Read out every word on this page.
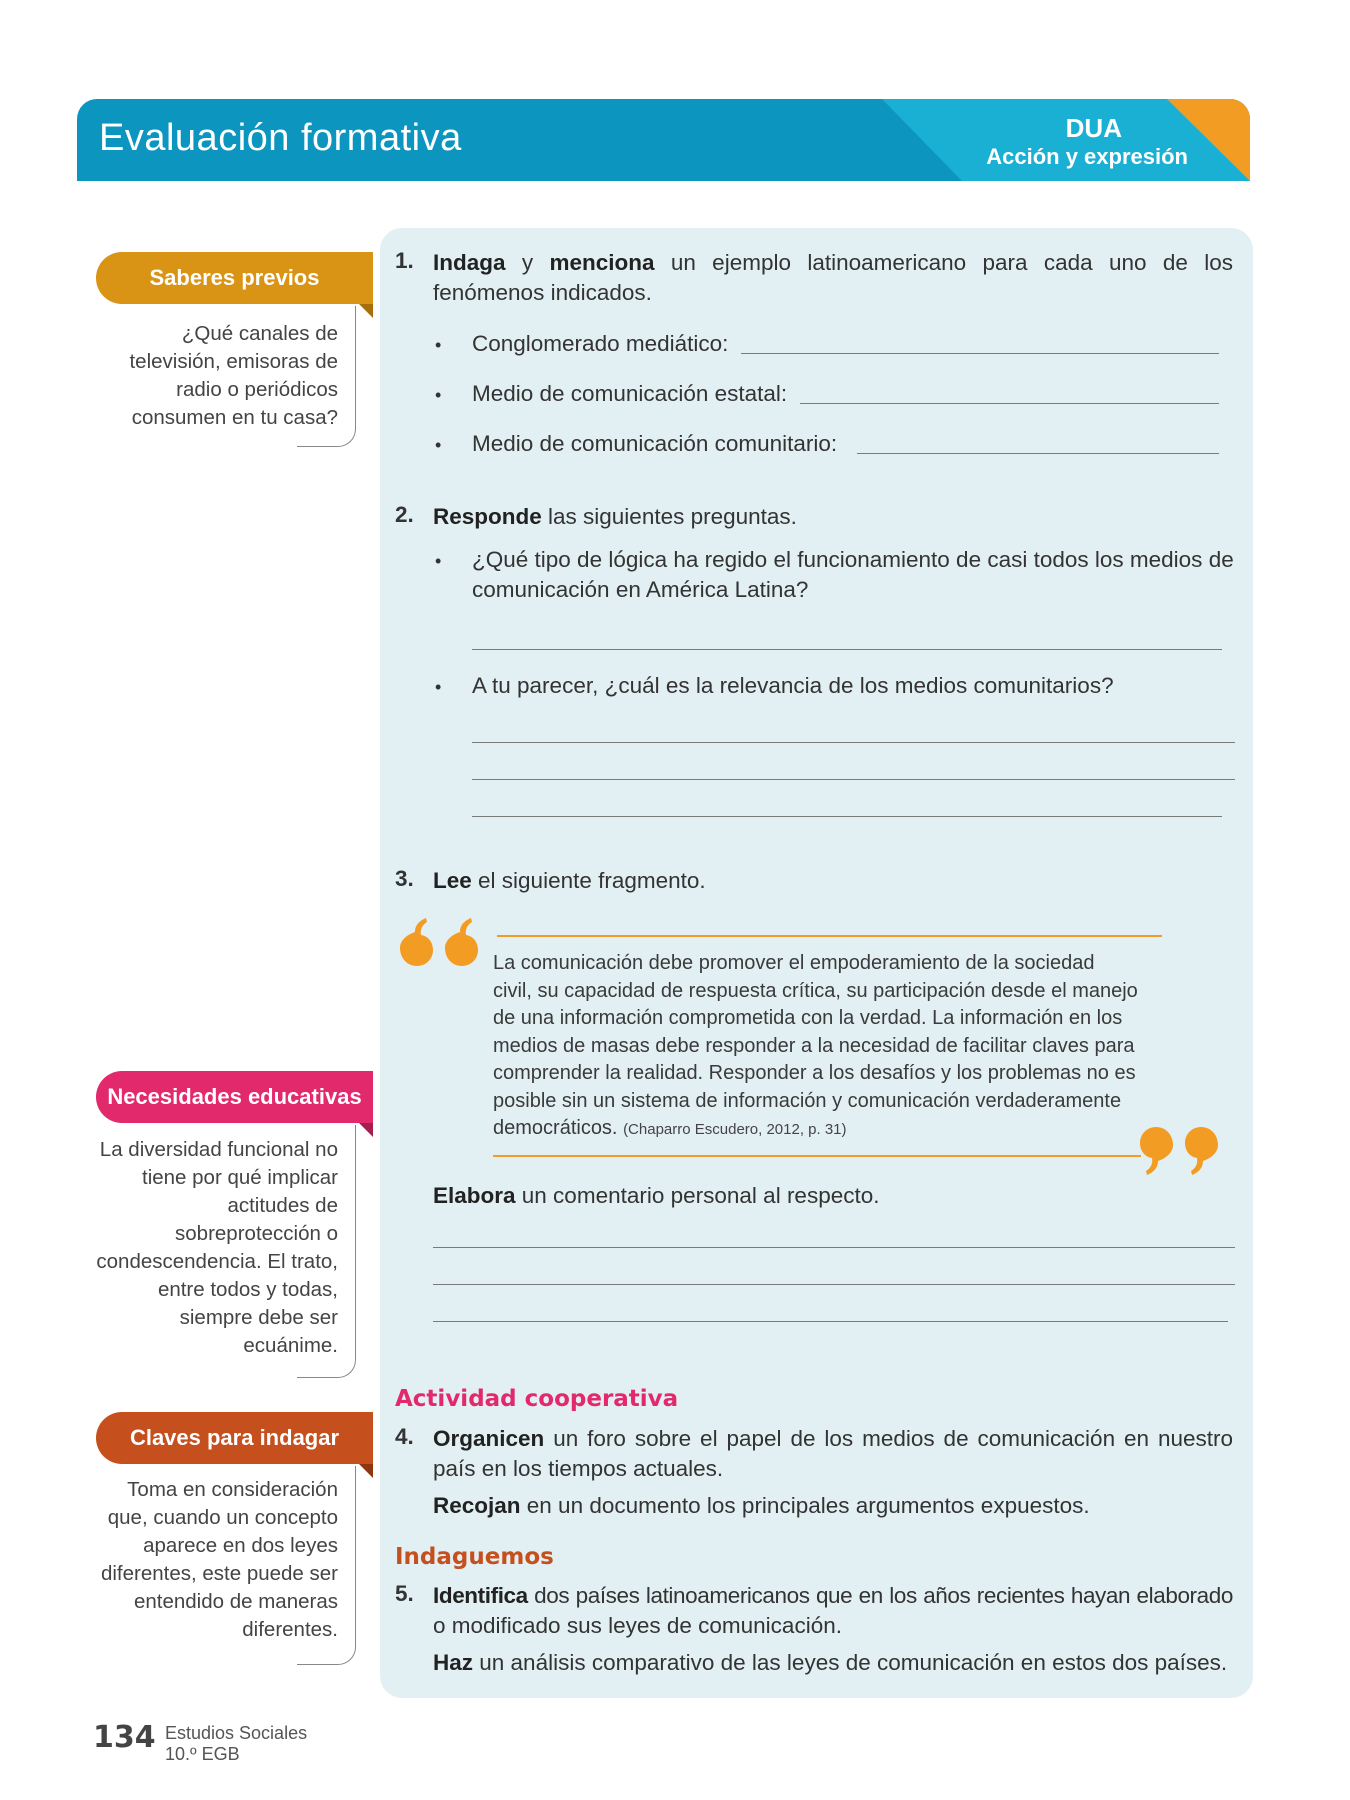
Evaluación formativa	DUA
Acción y expresión
Saberes previos
¿Qué canales de
televisión, emisoras de
radio o periódicos
consumen en tu casa?
Necesidades educativas
La diversidad funcional no
tiene por qué implicar
actitudes de
sobreprotección o
condescendencia. El trato,
entre todos y todas,
siempre debe ser
ecuánime.
Claves para indagar
Toma en consideración
que, cuando un concepto
aparece en dos leyes
diferentes, este puede ser
entendido de maneras
diferentes.
1. Indaga y menciona un ejemplo latinoamericano para cada uno de los
fenómenos indicados.
• Conglomerado mediático:
• Medio de comunicación estatal:
• Medio de comunicación comunitario:
2. Responde las siguientes preguntas.
• ¿Qué tipo de lógica ha regido el funcionamiento de casi todos los medios de
comunicación en América Latina?
• A tu parecer, ¿cuál es la relevancia de los medios comunitarios?
3. Lee el siguiente fragmento.
La comunicación debe promover el empoderamiento de la sociedad
civil, su capacidad de respuesta crítica, su participación desde el manejo
de una información comprometida con la verdad. La información en los
medios de masas debe responder a la necesidad de facilitar claves para
comprender la realidad. Responder a los desafíos y los problemas no es
posible sin un sistema de información y comunicación verdaderamente
democráticos. (Chaparro Escudero, 2012, p. 31)
Elabora un comentario personal al respecto.
Actividad cooperativa
4. Organicen un foro sobre el papel de los medios de comunicación en nuestro
país en los tiempos actuales.
Recojan en un documento los principales argumentos expuestos.
Indaguemos
5. Identifica dos países latinoamericanos que en los años recientes hayan elaborado
o modificado sus leyes de comunicación.
Haz un análisis comparativo de las leyes de comunicación en estos dos países.
134 Estudios Sociales
10.º EGB
